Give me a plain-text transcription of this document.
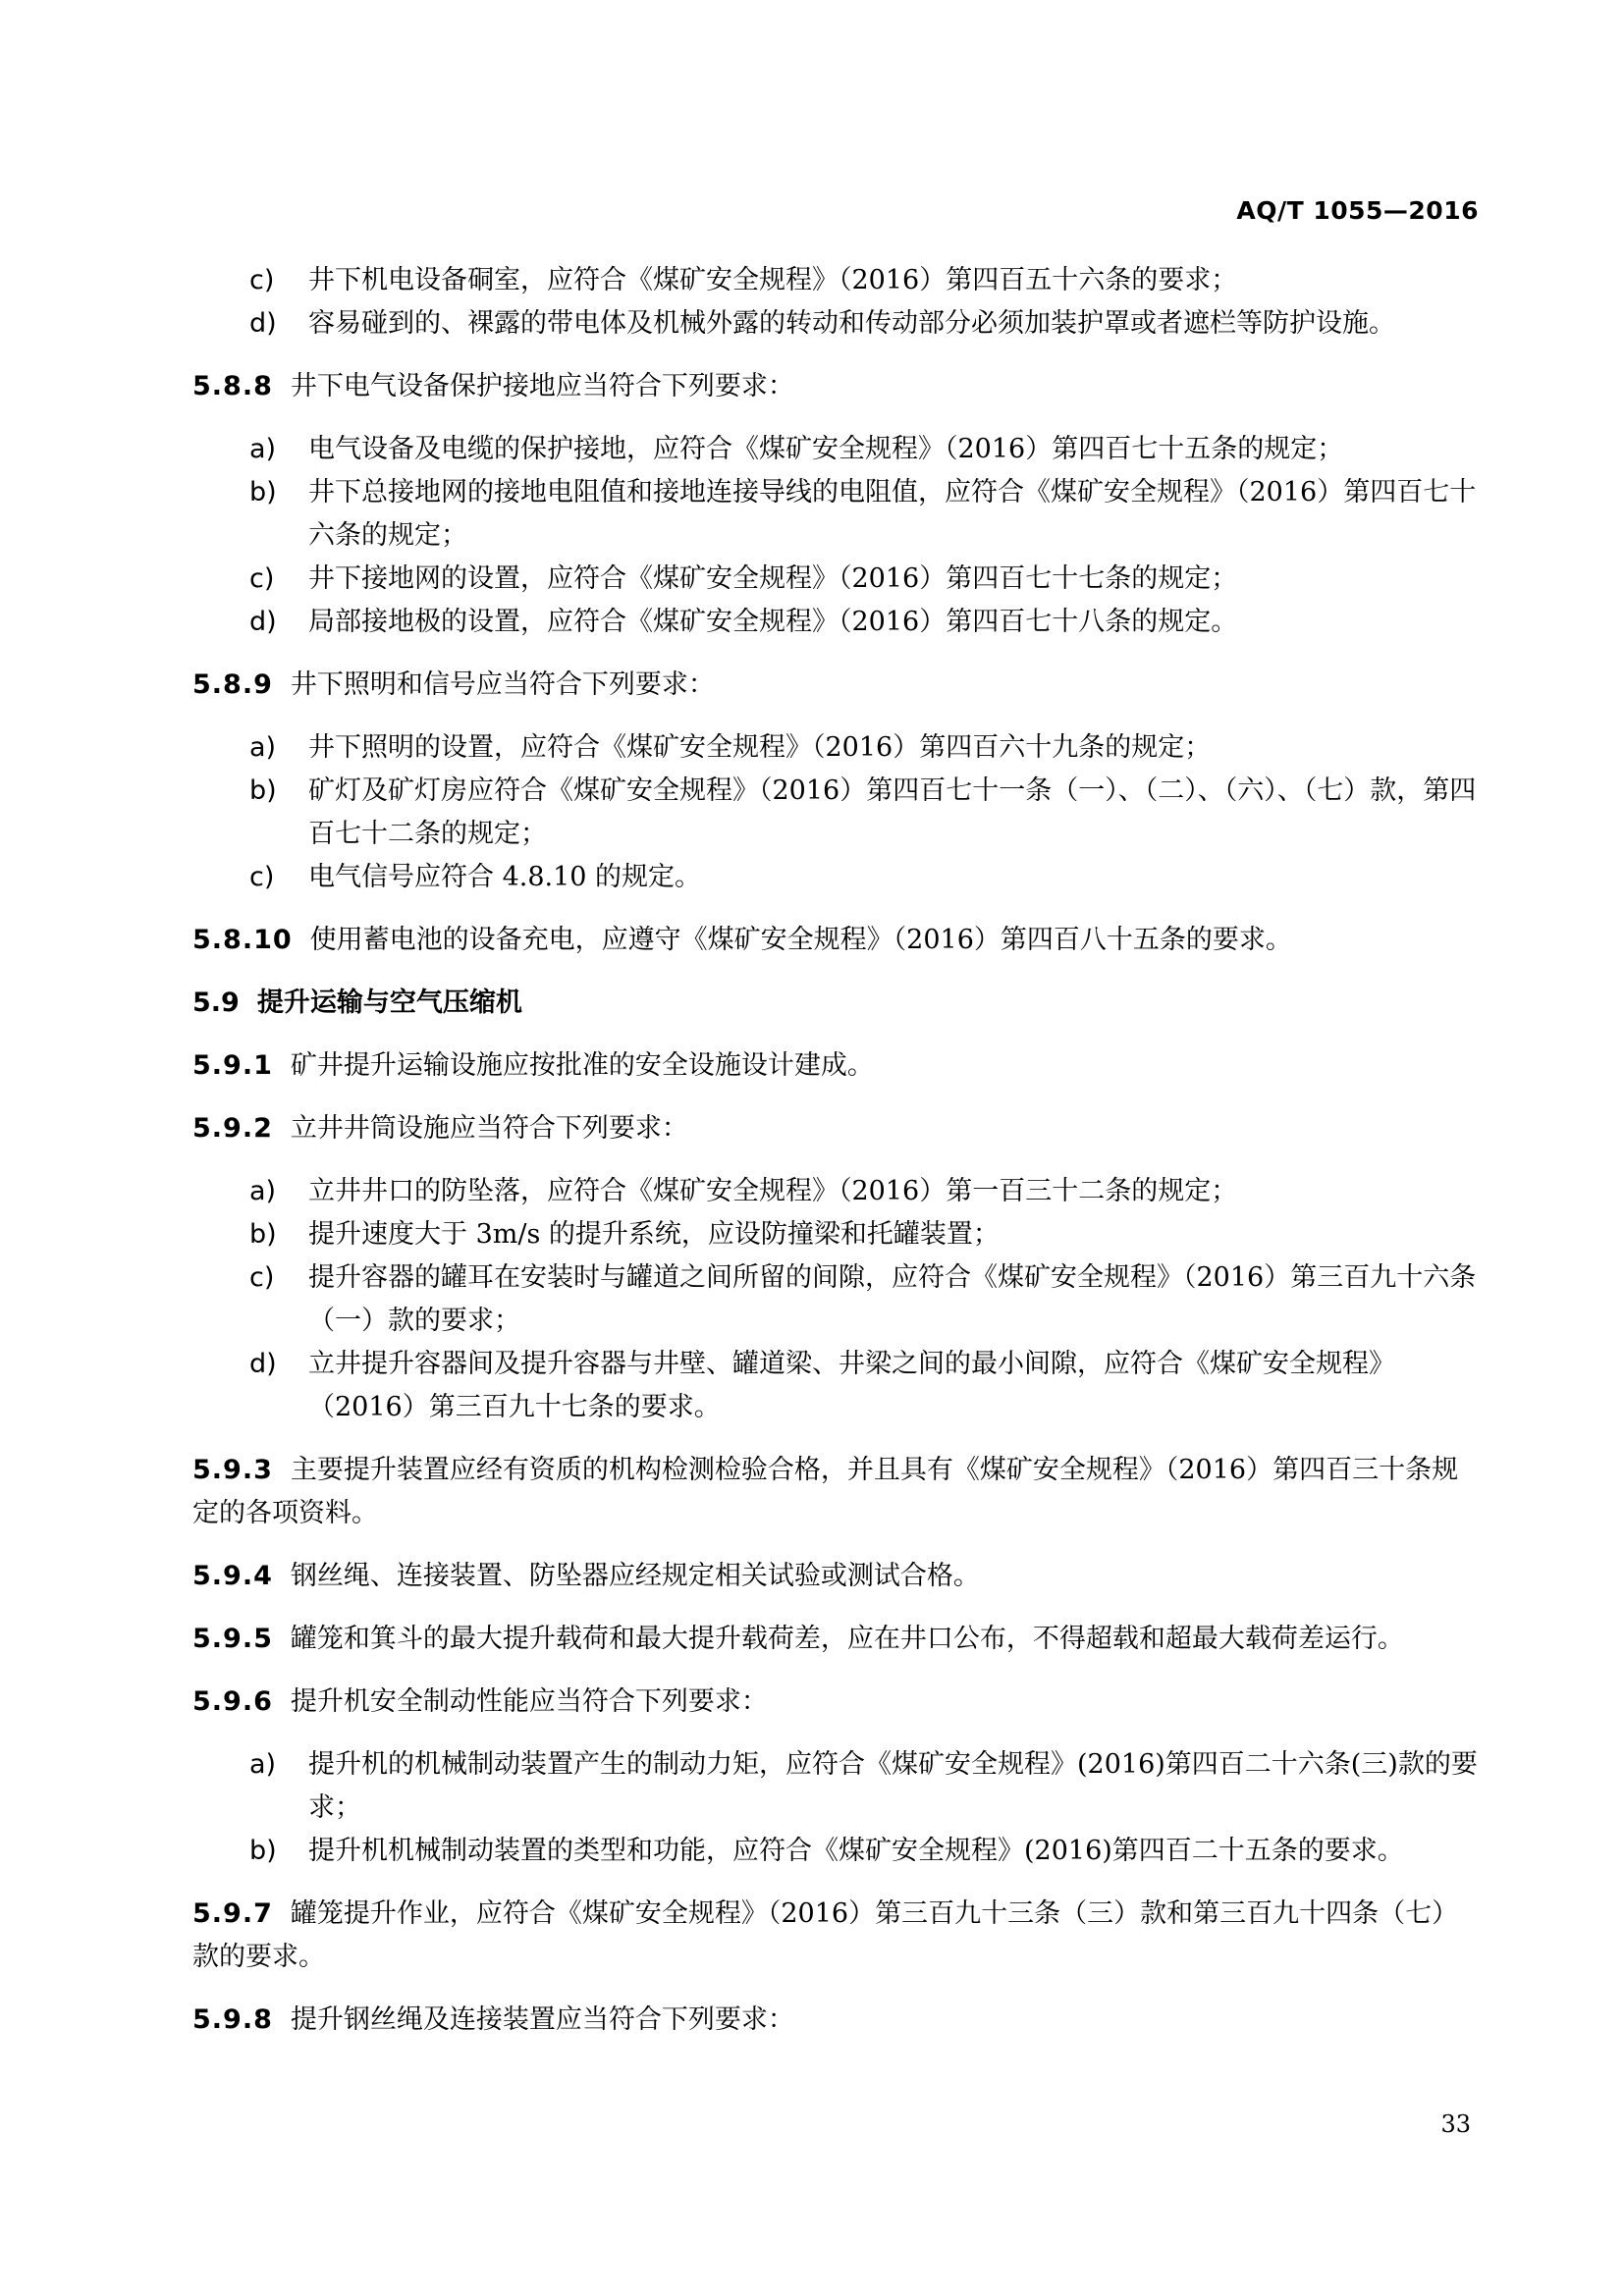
AQ/T 1055—2016
c) 井下机电设备硐室，应符合《煤矿安全规程》（2016）第四百五十六条的要求；
d) 容易碰到的、裸露的带电体及机械外露的转动和传动部分必须加装护罩或者遮栏等防护设施。
5.8.8 井下电气设备保护接地应当符合下列要求：
a) 电气设备及电缆的保护接地，应符合《煤矿安全规程》（2016）第四百七十五条的规定；
b) 井下总接地网的接地电阻值和接地连接导线的电阻值，应符合《煤矿安全规程》（2016）第四百七十六条的规定；
c) 井下接地网的设置，应符合《煤矿安全规程》（2016）第四百七十七条的规定；
d) 局部接地极的设置，应符合《煤矿安全规程》（2016）第四百七十八条的规定。
5.8.9 井下照明和信号应当符合下列要求：
a) 井下照明的设置，应符合《煤矿安全规程》（2016）第四百六十九条的规定；
b) 矿灯及矿灯房应符合《煤矿安全规程》（2016）第四百七十一条（一）、（二）、（六）、（七）款，第四百七十二条的规定；
c) 电气信号应符合 4.8.10 的规定。
5.8.10 使用蓄电池的设备充电，应遵守《煤矿安全规程》（2016）第四百八十五条的要求。
5.9 提升运输与空气压缩机
5.9.1 矿井提升运输设施应按批准的安全设施设计建成。
5.9.2 立井井筒设施应当符合下列要求：
a) 立井井口的防坠落，应符合《煤矿安全规程》（2016）第一百三十二条的规定；
b) 提升速度大于 3m/s 的提升系统，应设防撞梁和托罐装置；
c) 提升容器的罐耳在安装时与罐道之间所留的间隙，应符合《煤矿安全规程》（2016）第三百九十六条（一）款的要求；
d) 立井提升容器间及提升容器与井壁、罐道梁、井梁之间的最小间隙，应符合《煤矿安全规程》（2016）第三百九十七条的要求。
5.9.3 主要提升装置应经有资质的机构检测检验合格，并且具有《煤矿安全规程》（2016）第四百三十条规定的各项资料。
5.9.4 钢丝绳、连接装置、防坠器应经规定相关试验或测试合格。
5.9.5 罐笼和箕斗的最大提升载荷和最大提升载荷差，应在井口公布，不得超载和超最大载荷差运行。
5.9.6 提升机安全制动性能应当符合下列要求：
a) 提升机的机械制动装置产生的制动力矩，应符合《煤矿安全规程》(2016)第四百二十六条(三)款的要求；
b) 提升机机械制动装置的类型和功能，应符合《煤矿安全规程》(2016)第四百二十五条的要求。
5.9.7 罐笼提升作业，应符合《煤矿安全规程》（2016）第三百九十三条（三）款和第三百九十四条（七）款的要求。
5.9.8 提升钢丝绳及连接装置应当符合下列要求：
33
